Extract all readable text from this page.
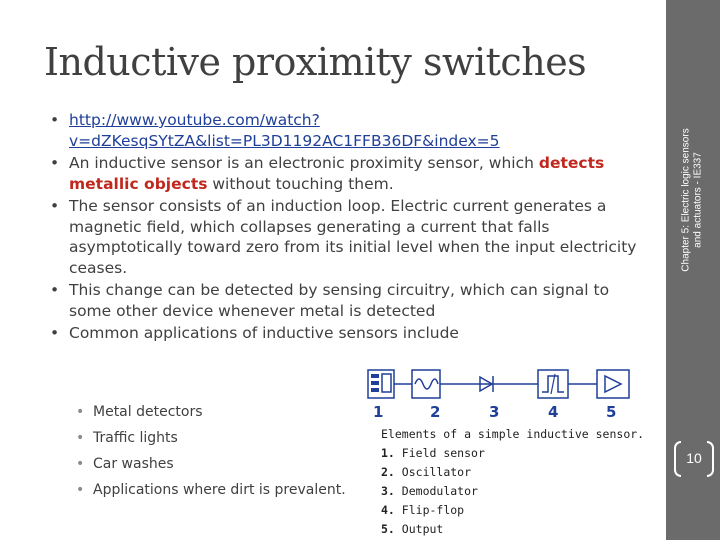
Chapter 5: Electric logic sensors and actuators - IE337
10
Inductive proximity switches
• http://www.youtube.com/watch?v=dZKesqSYtZA&list=PL3D1192AC1FFB36DF&index=5
• An inductive sensor is an electronic proximity sensor, which detects metallic objects without touching them.
• The sensor consists of an induction loop. Electric current generates a magnetic field, which collapses generating a current that falls asymptotically toward zero from its initial level when the input electricity ceases.
• This change can be detected by sensing circuitry, which can signal to some other device whenever metal is detected
• Common applications of inductive sensors include
• Metal detectors
• Traffic lights
• Car washes
• Applications where dirt is prevalent.
1	2	3	4	5
Elements of a simple inductive sensor.
1. Field sensor
2. Oscillator
3. Demodulator
4. Flip-flop
5. Output
